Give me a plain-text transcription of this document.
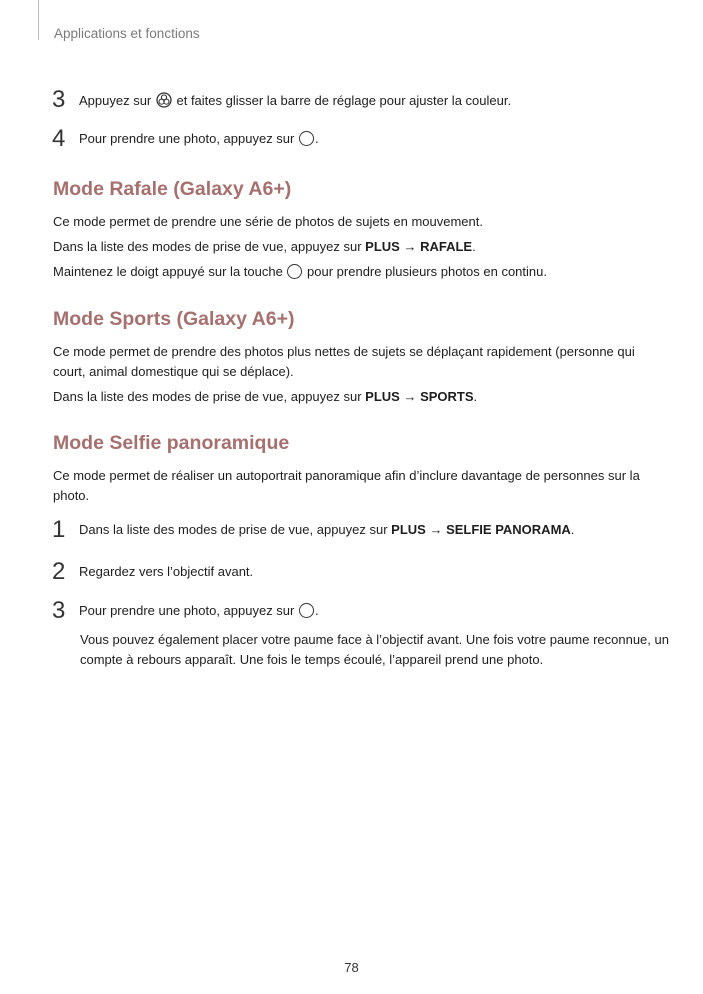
Applications et fonctions
3 Appuyez sur  et faites glisser la barre de réglage pour ajuster la couleur.
4 Pour prendre une photo, appuyez sur .
Mode Rafale (Galaxy A6+)
Ce mode permet de prendre une série de photos de sujets en mouvement.
Dans la liste des modes de prise de vue, appuyez sur PLUS → RAFALE.
Maintenez le doigt appuyé sur la touche  pour prendre plusieurs photos en continu.
Mode Sports (Galaxy A6+)
Ce mode permet de prendre des photos plus nettes de sujets se déplaçant rapidement (personne qui court, animal domestique qui se déplace).
Dans la liste des modes de prise de vue, appuyez sur PLUS → SPORTS.
Mode Selfie panoramique
Ce mode permet de réaliser un autoportrait panoramique afin d’inclure davantage de personnes sur la photo.
1 Dans la liste des modes de prise de vue, appuyez sur PLUS → SELFIE PANORAMA.
2 Regardez vers l’objectif avant.
3 Pour prendre une photo, appuyez sur .
Vous pouvez également placer votre paume face à l’objectif avant. Une fois votre paume reconnue, un compte à rebours apparaît. Une fois le temps écoulé, l’appareil prend une photo.
78
